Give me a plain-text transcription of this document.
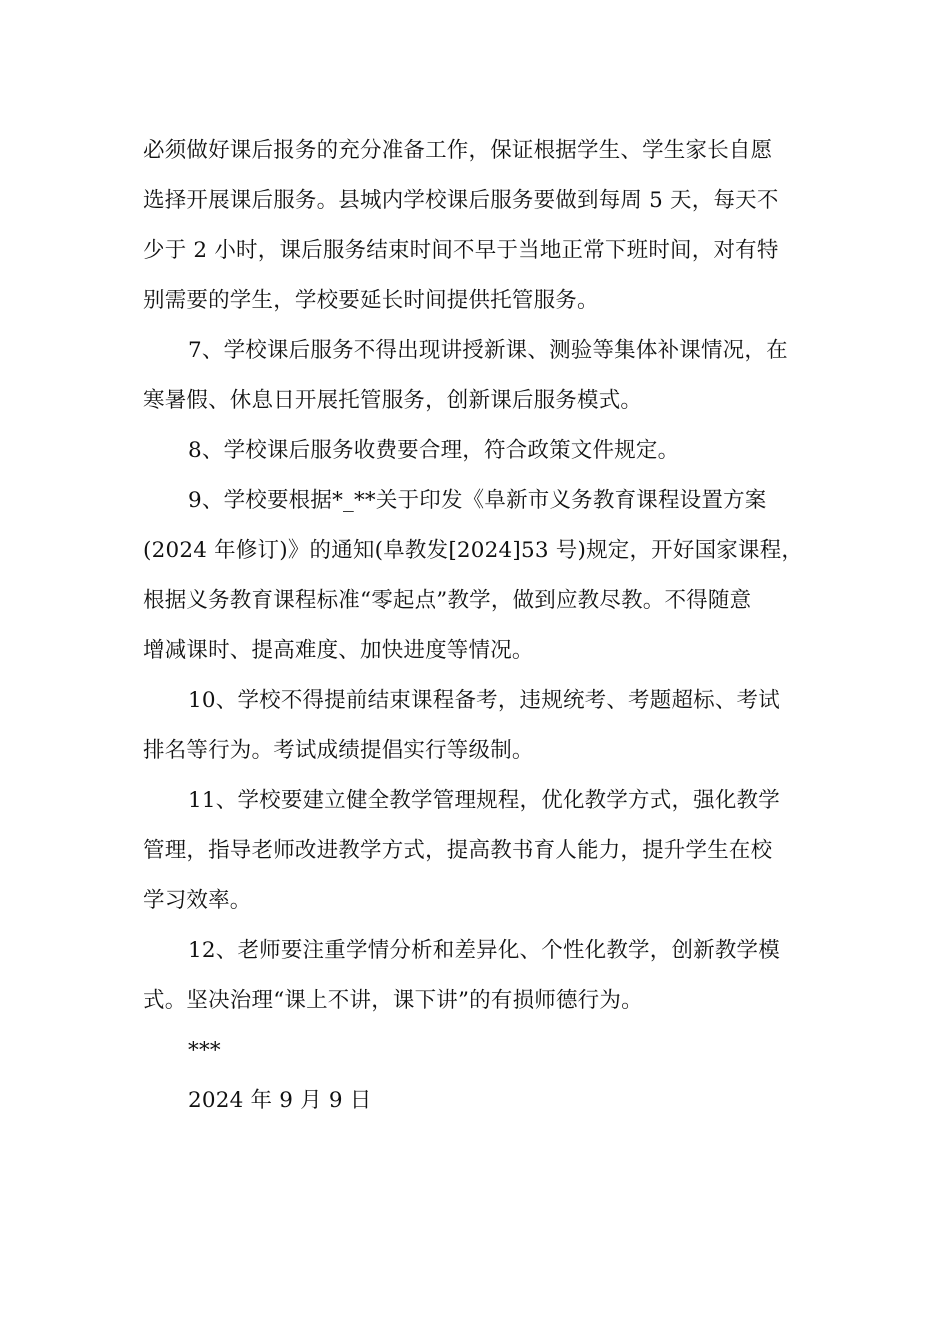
必须做好课后报务的充分准备工作，保证根据学生、学生家长自愿
选择开展课后服务。县城内学校课后服务要做到每周 5 天，每天不
少于 2 小时，课后服务结束时间不早于当地正常下班时间，对有特
别需要的学生，学校要延长时间提供托管服务。
7、学校课后服务不得出现讲授新课、测验等集体补课情况，在
寒暑假、休息日开展托管服务，创新课后服务模式。
8、学校课后服务收费要合理，符合政策文件规定。
9、学校要根据*_**关于印发《阜新市义务教育课程设置方案
(2024 年修订)》的通知(阜教发[2024]53 号)规定，开好国家课程，
根据义务教育课程标准“零起点”教学，做到应教尽教。不得随意
增减课时、提高难度、加快进度等情况。
10、学校不得提前结束课程备考，违规统考、考题超标、考试
排名等行为。考试成绩提倡实行等级制。
11、学校要建立健全教学管理规程，优化教学方式，强化教学
管理，指导老师改进教学方式，提高教书育人能力，提升学生在校
学习效率。
12、老师要注重学情分析和差异化、个性化教学，创新教学模
式。坚决治理“课上不讲，课下讲”的有损师德行为。
***
2024 年 9 月 9 日
